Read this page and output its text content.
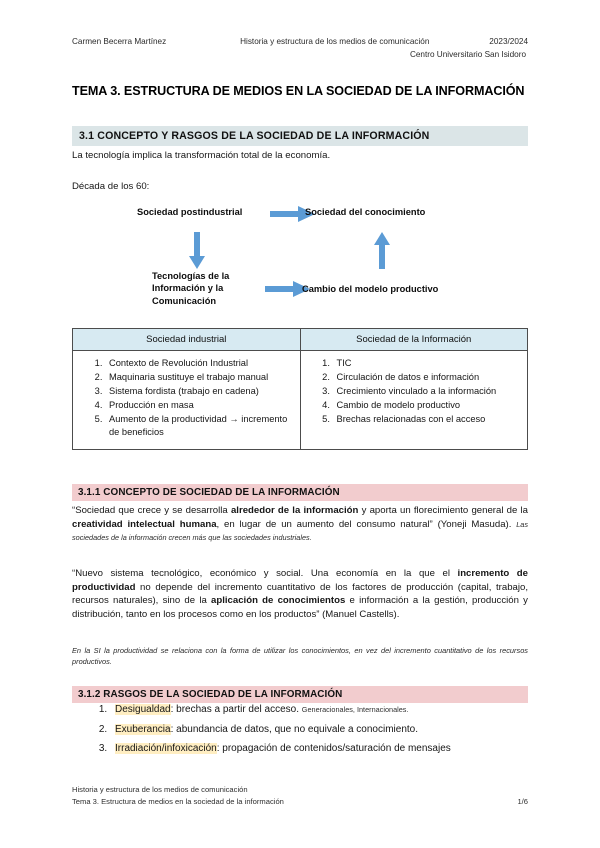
Carmen Becerra Martínez	Historia y estructura de los medios de comunicación	2023/2024
Centro Universitario San Isidoro
TEMA 3. ESTRUCTURA DE MEDIOS EN LA SOCIEDAD DE LA INFORMACIÓN
3.1 CONCEPTO Y RASGOS DE LA SOCIEDAD DE LA INFORMACIÓN
La tecnología implica la transformación total de la economía.
Década de los 60:
Sociedad postindustrial	Sociedad del conocimiento
Tecnologías de la
Información y la
Comunicación
Cambio del modelo productivo
Sociedad industrial	Sociedad de la Información

1. Contexto de Revolución Industrial
2. Maquinaria sustituye el trabajo manual
3. Sistema fordista (trabajo en cadena)
4. Producción en masa
5. Aumento de la productividad → incremento de beneficios

1. TIC
2. Circulación de datos e información
3. Crecimiento vinculado a la información
4. Cambio de modelo productivo
5. Brechas relacionadas con el acceso
3.1.1 CONCEPTO DE SOCIEDAD DE LA INFORMACIÓN
“Sociedad que crece y se desarrolla alrededor de la información y aporta un florecimiento general de la creatividad intelectual humana, en lugar de un aumento del consumo natural” (Yoneji Masuda). Las sociedades de la información crecen más que las sociedades industriales.
“Nuevo sistema tecnológico, económico y social. Una economía en la que el incremento de productividad no depende del incremento cuantitativo de los factores de producción (capital, trabajo, recursos naturales), sino de la aplicación de conocimientos e información a la gestión, producción y distribución, tanto en los procesos como en los productos” (Manuel Castells).
En la SI la productividad se relaciona con la forma de utilizar los conocimientos, en vez del incremento cuantitativo de los recursos productivos.
3.1.2 RASGOS DE LA SOCIEDAD DE LA INFORMACIÓN
1. Desigualdad: brechas a partir del acceso. Generacionales, Internacionales.
2. Exuberancia: abundancia de datos, que no equivale a conocimiento.
3. Irradiación/infoxicación: propagación de contenidos/saturación de mensajes
Historia y estructura de los medios de comunicación
Tema 3. Estructura de medios en la sociedad de la información	1/6
